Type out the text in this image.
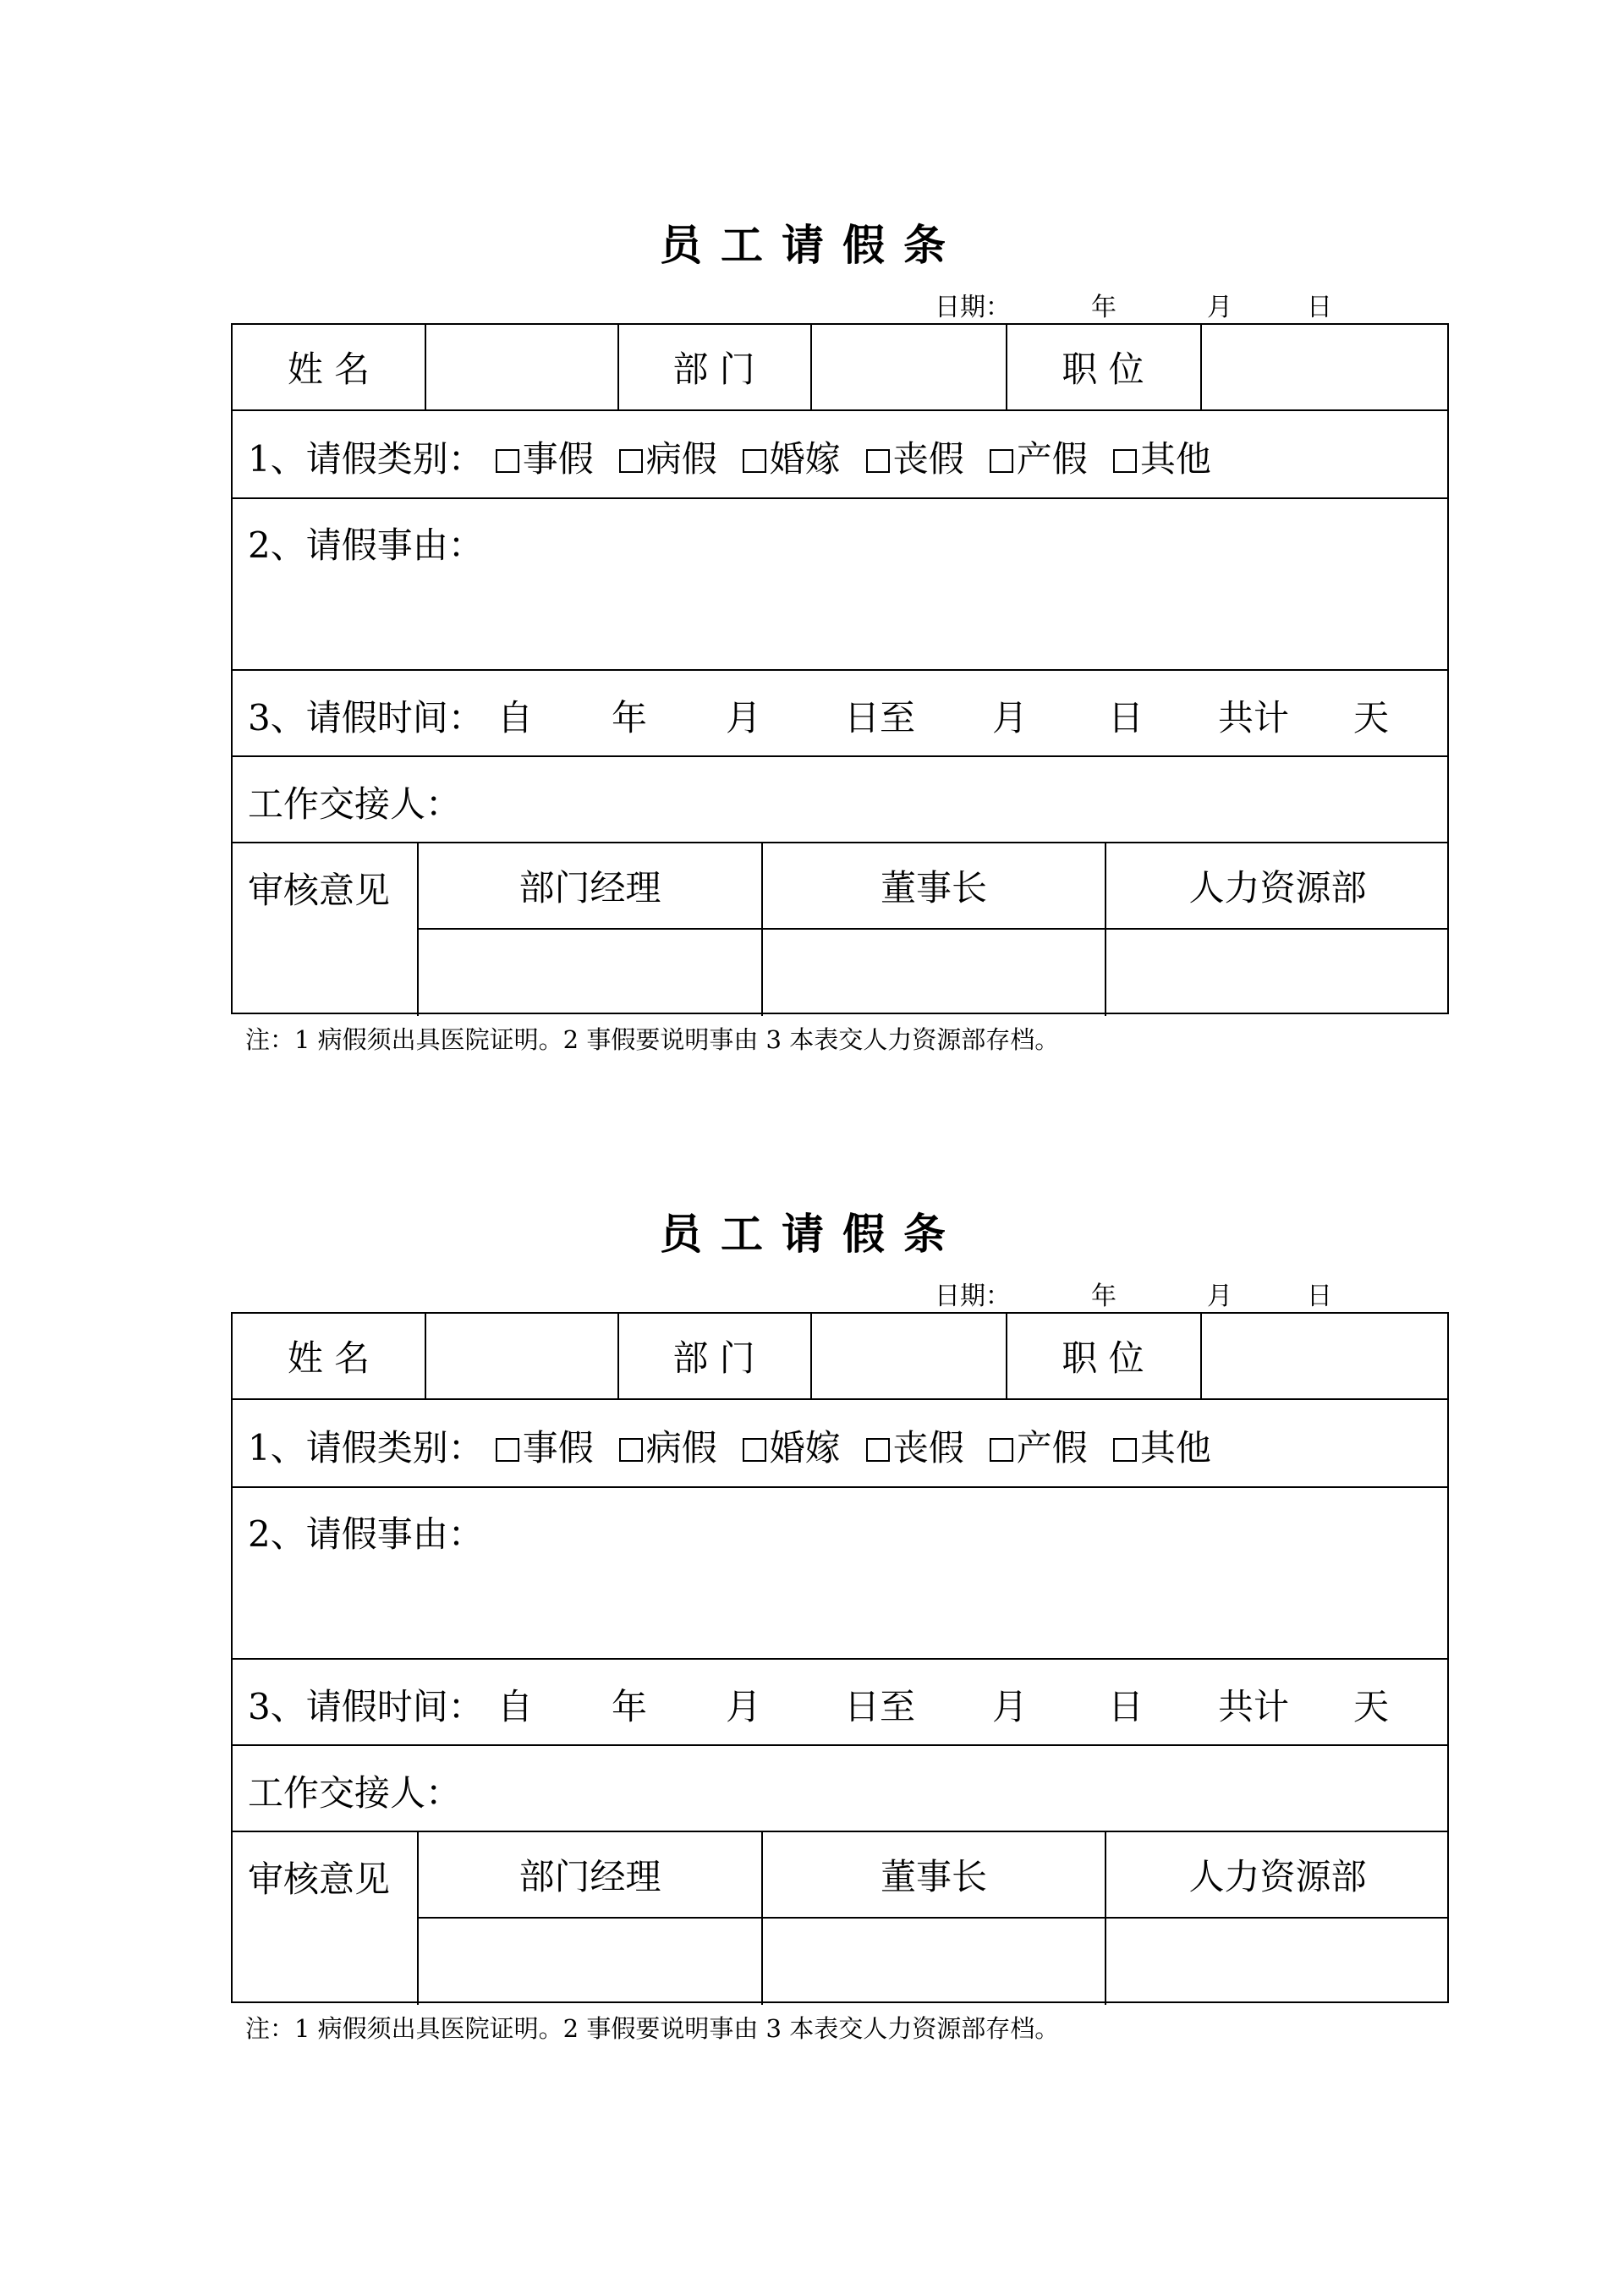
员工请假条
日期：	年	月	日
姓 名	部 门	职 位
1、请假类别： 事假 病假 婚嫁 丧假 产假 其他
2、请假事由：
3、请假时间： 自 年 月 日至 月 日 共计 天
工作交接人：
审核意见	部门经理	董事长	人力资源部
注：1 病假须出具医院证明。2 事假要说明事由 3 本表交人力资源部存档。
员工请假条
日期：	年	月	日
姓 名	部 门	职 位
1、请假类别： 事假 病假 婚嫁 丧假 产假 其他
2、请假事由：
3、请假时间： 自 年 月 日至 月 日 共计 天
工作交接人：
审核意见	部门经理	董事长	人力资源部
注：1 病假须出具医院证明。2 事假要说明事由 3 本表交人力资源部存档。
